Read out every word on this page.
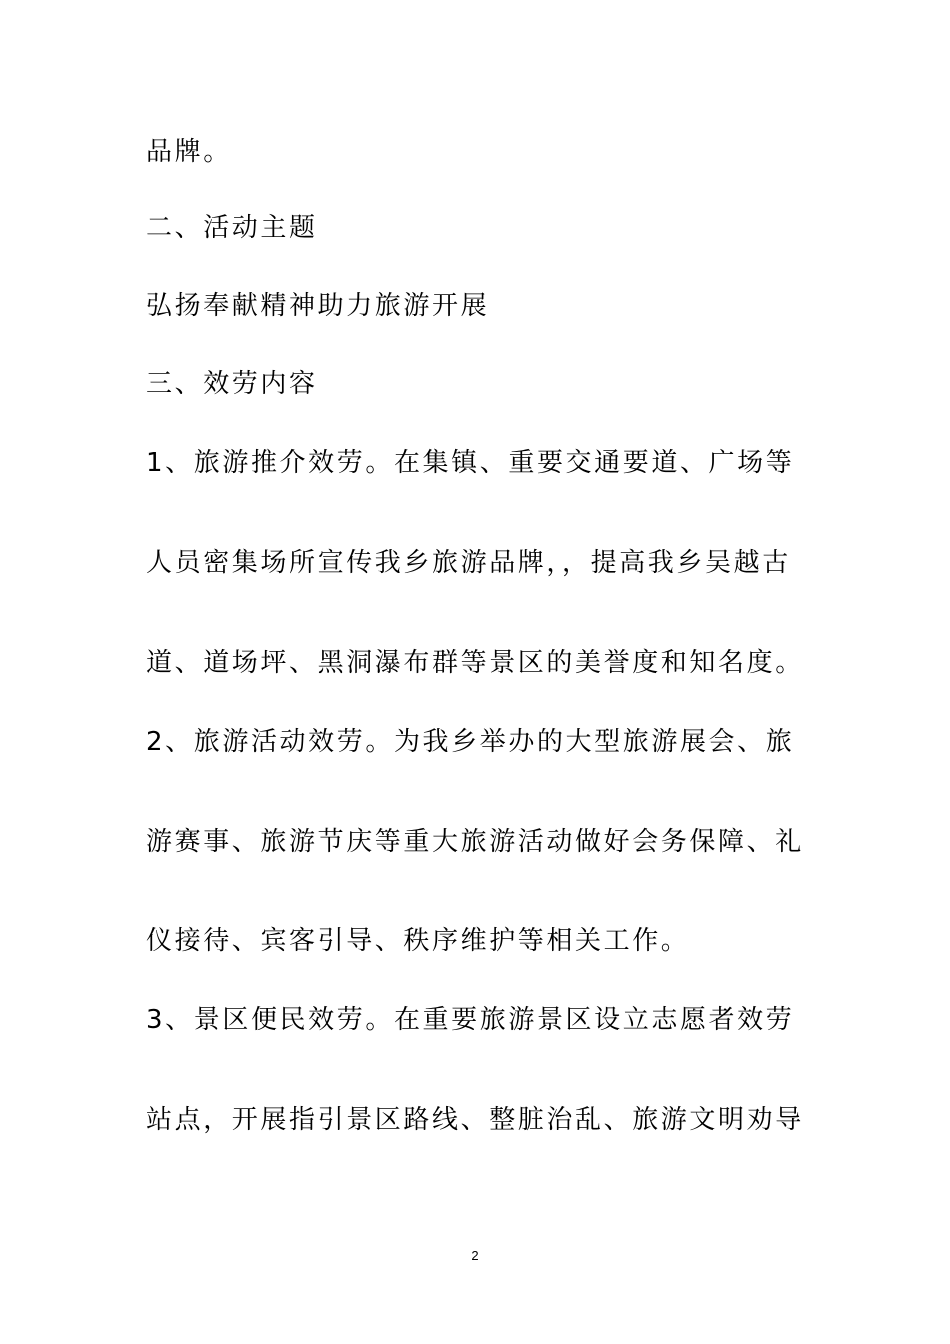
品牌。
二、活动主题
弘扬奉献精神助力旅游开展
三、效劳内容
1、旅游推介效劳。在集镇、重要交通要道、广场等
人员密集场所宣传我乡旅游品牌，，提高我乡吴越古
道、道场坪、黑洞瀑布群等景区的美誉度和知名度。
2、旅游活动效劳。为我乡举办的大型旅游展会、旅
游赛事、旅游节庆等重大旅游活动做好会务保障、礼
仪接待、宾客引导、秩序维护等相关工作。
3、景区便民效劳。在重要旅游景区设立志愿者效劳
站点，开展指引景区路线、整脏治乱、旅游文明劝导
2
